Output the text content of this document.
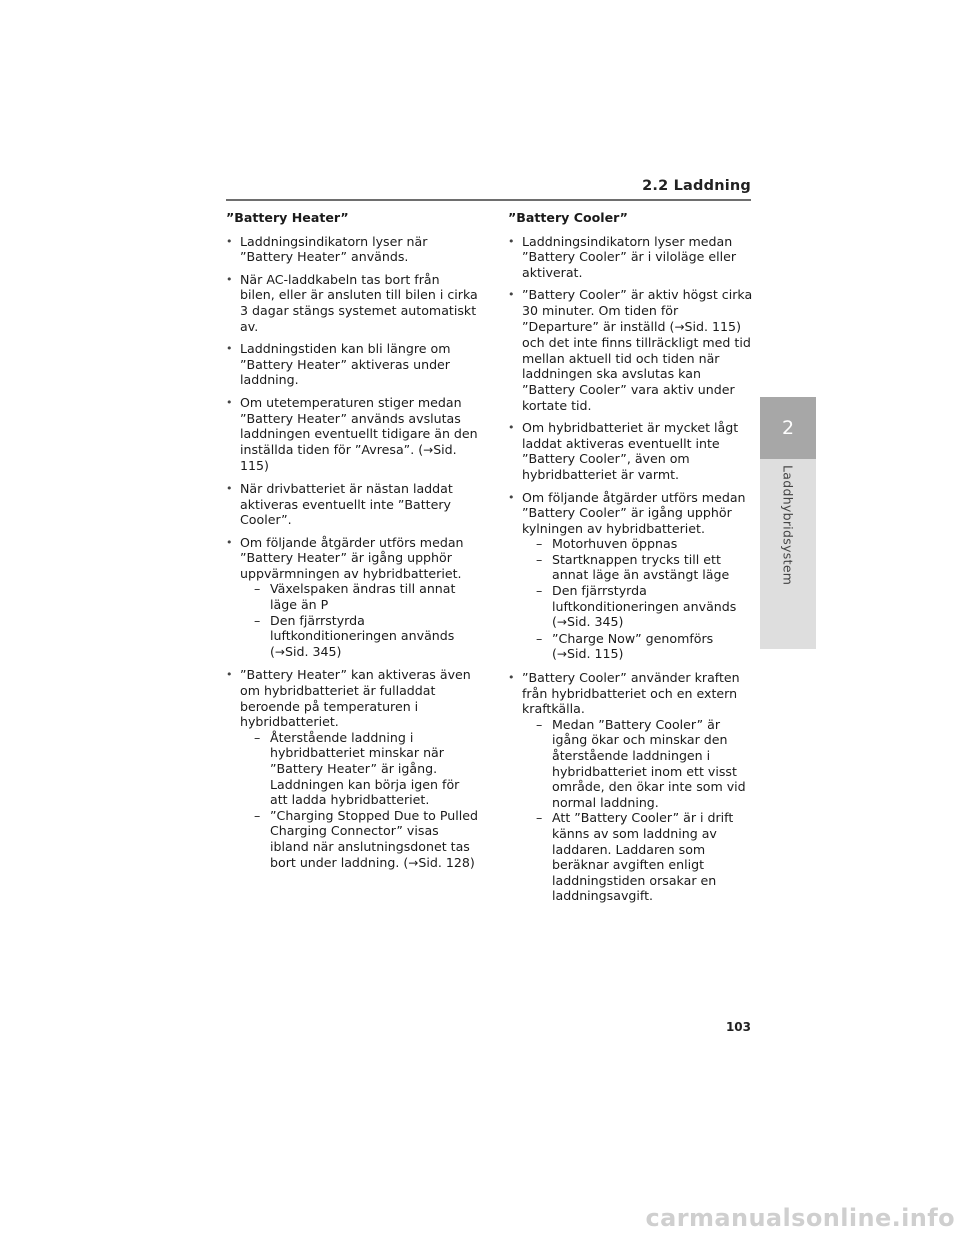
2.2 Laddning
2
Laddhybridsystem
”Battery Heater”
• Laddningsindikatorn lyser när ”Battery Heater” används.
• När AC-laddkabeln tas bort från bilen, eller är ansluten till bilen i cirka 3 dagar stängs systemet automatiskt av.
• Laddningstiden kan bli längre om ”Battery Heater” aktiveras under laddning.
• Om utetemperaturen stiger medan ”Battery Heater” används avslutas laddningen eventuellt tidigare än den inställda tiden för ”Avresa”. (→Sid. 115)
• När drivbatteriet är nästan laddat aktiveras eventuellt inte ”Battery Cooler”.
• Om följande åtgärder utförs medan ”Battery Heater” är igång upphör uppvärmningen av hybridbatteriet.
– Växelspaken ändras till annat läge än P
– Den fjärrstyrda luftkonditioneringen används (→Sid. 345)
• ”Battery Heater” kan aktiveras även om hybridbatteriet är fulladdat beroende på temperaturen i hybridbatteriet.
– Återstående laddning i hybridbatteriet minskar när ”Battery Heater” är igång. Laddningen kan börja igen för att ladda hybridbatteriet.
– ”Charging Stopped Due to Pulled Charging Connector” visas ibland när anslutningsdonet tas bort under laddning. (→Sid. 128)
”Battery Cooler”
• Laddningsindikatorn lyser medan ”Battery Cooler” är i viloläge eller aktiverat.
• ”Battery Cooler” är aktiv högst cirka 30 minuter. Om tiden för ”Departure” är inställd (→Sid. 115) och det inte finns tillräckligt med tid mellan aktuell tid och tiden när laddningen ska avslutas kan ”Battery Cooler” vara aktiv under kortate tid.
• Om hybridbatteriet är mycket lågt laddat aktiveras eventuellt inte ”Battery Cooler”, även om hybridbatteriet är varmt.
• Om följande åtgärder utförs medan ”Battery Cooler” är igång upphör kylningen av hybridbatteriet.
– Motorhuven öppnas
– Startknappen trycks till ett annat läge än avstängt läge
– Den fjärrstyrda luftkonditioneringen används (→Sid. 345)
– ”Charge Now” genomförs (→Sid. 115)
• ”Battery Cooler” använder kraften från hybridbatteriet och en extern kraftkälla.
– Medan ”Battery Cooler” är igång ökar och minskar den återstående laddningen i hybridbatteriet inom ett visst område, den ökar inte som vid normal laddning.
– Att ”Battery Cooler” är i drift känns av som laddning av laddaren. Laddaren som beräknar avgiften enligt laddningstiden orsakar en laddningsavgift.
103
carmanualsonline.info
